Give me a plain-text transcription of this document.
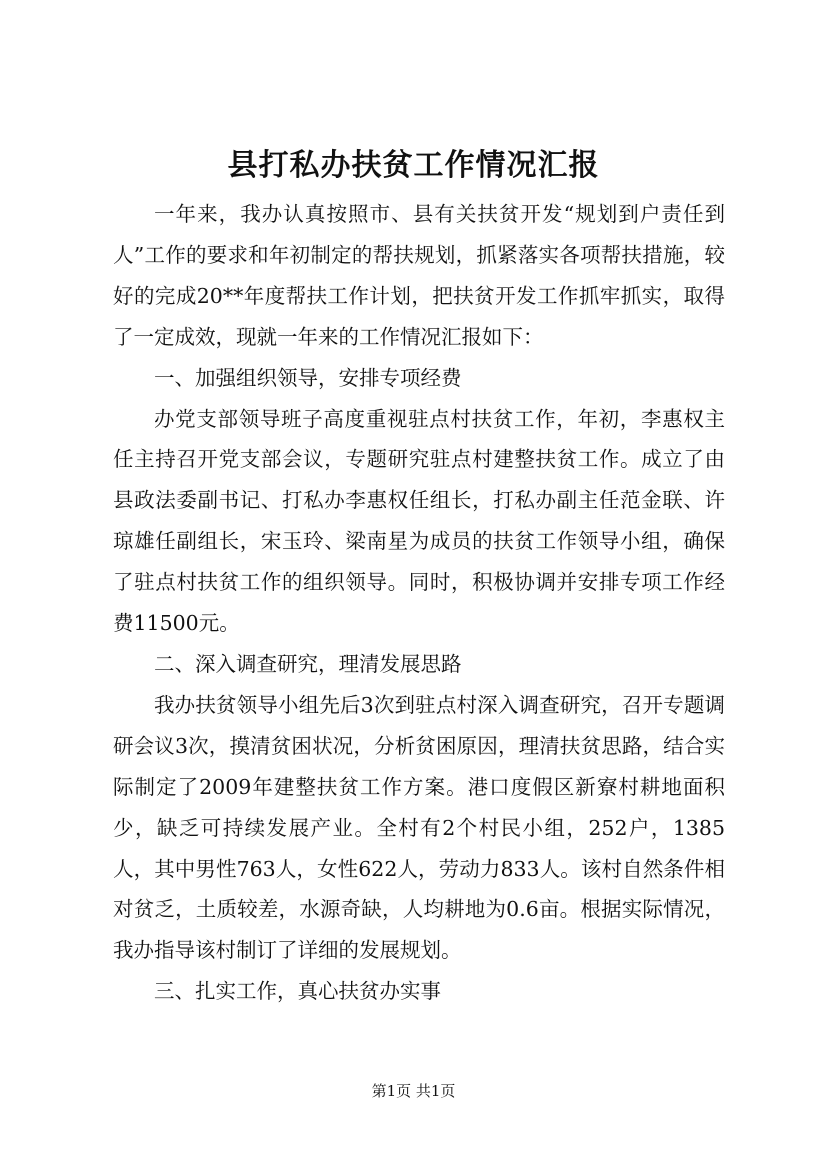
县打私办扶贫工作情况汇报

一年来，我办认真按照市、县有关扶贫开发“规划到户责任到人”工作的要求和年初制定的帮扶规划，抓紧落实各项帮扶措施，较好的完成20**年度帮扶工作计划，把扶贫开发工作抓牢抓实，取得了一定成效，现就一年来的工作情况汇报如下：

一、加强组织领导，安排专项经费

办党支部领导班子高度重视驻点村扶贫工作，年初，李惠权主任主持召开党支部会议，专题研究驻点村建整扶贫工作。成立了由县政法委副书记、打私办李惠权任组长，打私办副主任范金联、许琼雄任副组长，宋玉玲、梁南星为成员的扶贫工作领导小组，确保了驻点村扶贫工作的组织领导。同时，积极协调并安排专项工作经费11500元。

二、深入调查研究，理清发展思路

我办扶贫领导小组先后3次到驻点村深入调查研究，召开专题调研会议3次，摸清贫困状况，分析贫困原因，理清扶贫思路，结合实际制定了2009年建整扶贫工作方案。港口度假区新寮村耕地面积少，缺乏可持续发展产业。全村有2个村民小组，252户，1385人，其中男性763人，女性622人，劳动力833人。该村自然条件相对贫乏，土质较差，水源奇缺，人均耕地为0.6亩。根据实际情况，我办指导该村制订了详细的发展规划。

三、扎实工作，真心扶贫办实事

第1页 共1页
